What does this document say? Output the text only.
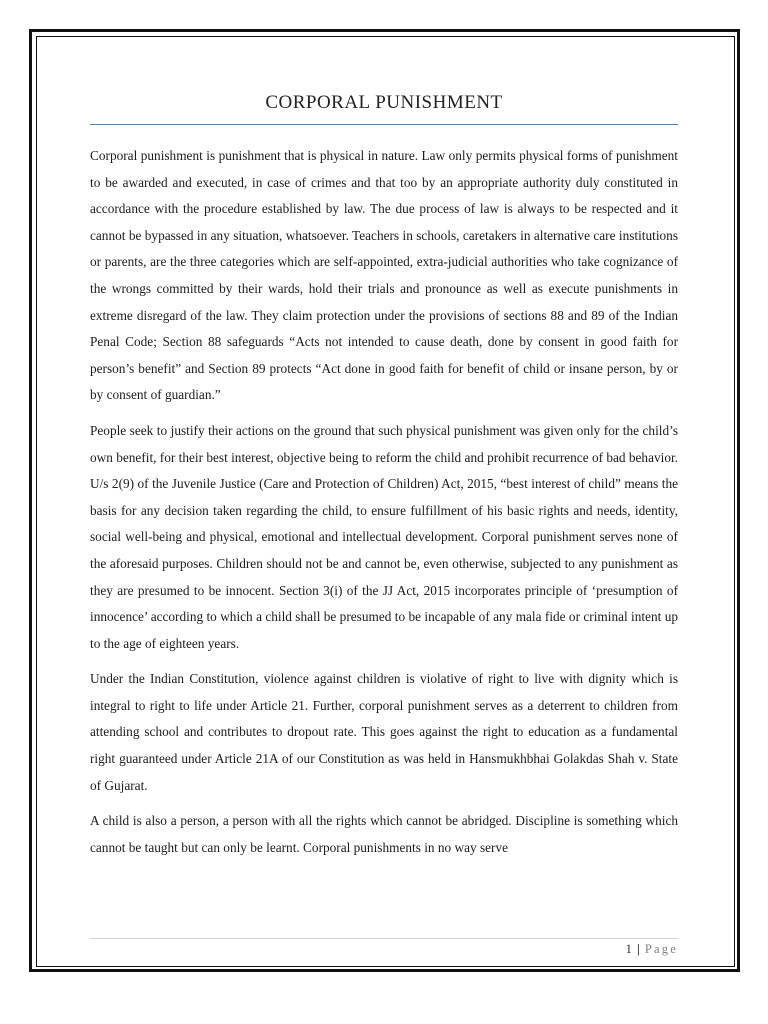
CORPORAL PUNISHMENT

Corporal punishment is punishment that is physical in nature. Law only permits physical forms of punishment to be awarded and executed, in case of crimes and that too by an appropriate authority duly constituted in accordance with the procedure established by law. The due process of law is always to be respected and it cannot be bypassed in any situation, whatsoever. Teachers in schools, caretakers in alternative care institutions or parents, are the three categories which are self-appointed, extra-judicial authorities who take cognizance of the wrongs committed by their wards, hold their trials and pronounce as well as execute punishments in extreme disregard of the law. They claim protection under the provisions of sections 88 and 89 of the Indian Penal Code; Section 88 safeguards “Acts not intended to cause death, done by consent in good faith for person’s benefit” and Section 89 protects “Act done in good faith for benefit of child or insane person, by or by consent of guardian.”

People seek to justify their actions on the ground that such physical punishment was given only for the child’s own benefit, for their best interest, objective being to reform the child and prohibit recurrence of bad behavior. U/s 2(9) of the Juvenile Justice (Care and Protection of Children) Act, 2015, “best interest of child” means the basis for any decision taken regarding the child, to ensure fulfillment of his basic rights and needs, identity, social well-being and physical, emotional and intellectual development. Corporal punishment serves none of the aforesaid purposes. Children should not be and cannot be, even otherwise, subjected to any punishment as they are presumed to be innocent. Section 3(i) of the JJ Act, 2015 incorporates principle of ‘presumption of innocence’ according to which a child shall be presumed to be incapable of any mala fide or criminal intent up to the age of eighteen years.

Under the Indian Constitution, violence against children is violative of right to live with dignity which is integral to right to life under Article 21. Further, corporal punishment serves as a deterrent to children from attending school and contributes to dropout rate. This goes against the right to education as a fundamental right guaranteed under Article 21A of our Constitution as was held in Hansmukhbhai Golakdas Shah v. State of Gujarat.

A child is also a person, a person with all the rights which cannot be abridged. Discipline is something which cannot be taught but can only be learnt. Corporal punishments in no way serve

1 | Page
